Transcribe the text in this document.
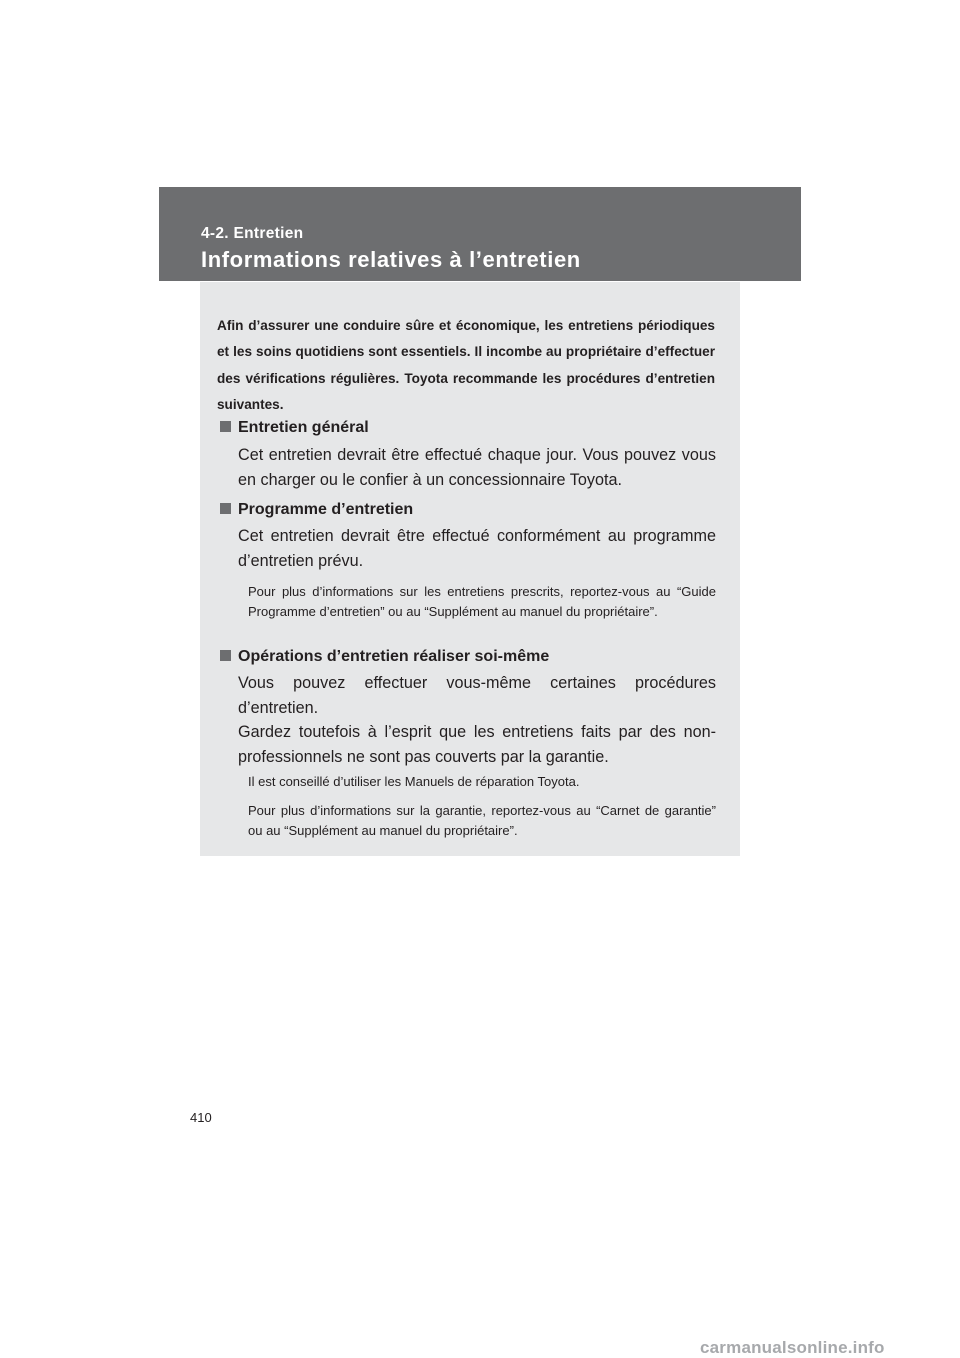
4-2. Entretien
Informations relatives à l’entretien
Afin d’assurer une conduire sûre et économique, les entretiens périodiques et les soins quotidiens sont essentiels. Il incombe au propriétaire d’effectuer des vérifications régulières. Toyota recommande les procédures d’entretien suivantes.
Entretien général
Cet entretien devrait être effectué chaque jour. Vous pouvez vous en charger ou le confier à un concessionnaire Toyota.
Programme d’entretien
Cet entretien devrait être effectué conformément au programme d’entretien prévu.
Pour plus d’informations sur les entretiens prescrits, reportez-vous au “Guide Programme d’entretien” ou au “Supplément au manuel du propriétaire”.
Opérations d’entretien réaliser soi-même
Vous pouvez effectuer vous-même certaines procédures d’entretien.
Gardez toutefois à l’esprit que les entretiens faits par des non-professionnels ne sont pas couverts par la garantie.
Il est conseillé d’utiliser les Manuels de réparation Toyota.
Pour plus d’informations sur la garantie, reportez-vous au “Carnet de garantie” ou au “Supplément au manuel du propriétaire”.
410
carmanualsonline.info
